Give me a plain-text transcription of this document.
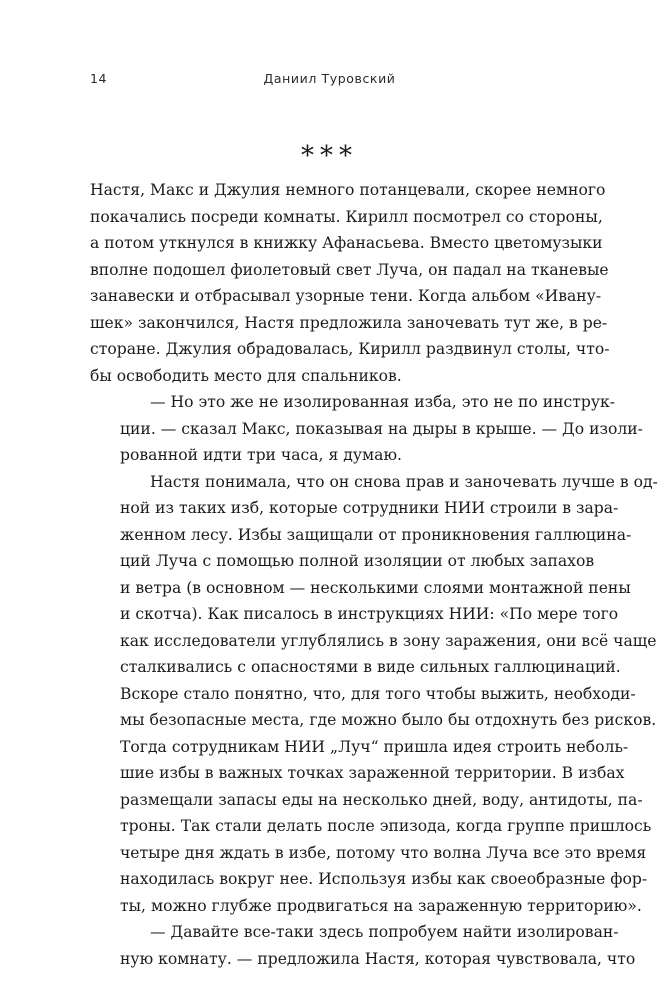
14	Даниил Туровский
***
Настя, Макс и Джулия немного потанцевали, скорее немного
покачались посреди комнаты. Кирилл посмотрел со стороны,
а потом уткнулся в книжку Афанасьева. Вместо цветомузыки
вполне подошел фиолетовый свет Луча, он падал на тканевые
занавески и отбрасывал узорные тени. Когда альбом «Ивану-
шек» закончился, Настя предложила заночевать тут же, в ре-
сторане. Джулия обрадовалась, Кирилл раздвинул столы, что-
бы освободить место для спальников.
— Но это же не изолированная изба, это не по инструк-
ции. — сказал Макс, показывая на дыры в крыше. — До изоли-
рованной идти три часа, я думаю.
Настя понимала, что он снова прав и заночевать лучше в од-
ной из таких изб, которые сотрудники НИИ строили в зара-
женном лесу. Избы защищали от проникновения галлюцина-
ций Луча с помощью полной изоляции от любых запахов
и ветра (в основном — несколькими слоями монтажной пены
и скотча). Как писалось в инструкциях НИИ: «По мере того
как исследователи углублялись в зону заражения, они всё чаще
сталкивались с опасностями в виде сильных галлюцинаций.
Вскоре стало понятно, что, для того чтобы выжить, необходи-
мы безопасные места, где можно было бы отдохнуть без рисков.
Тогда сотрудникам НИИ „Луч“ пришла идея строить неболь-
шие избы в важных точках зараженной территории. В избах
размещали запасы еды на несколько дней, воду, антидоты, па-
троны. Так стали делать после эпизода, когда группе пришлось
четыре дня ждать в избе, потому что волна Луча все это время
находилась вокруг нее. Используя избы как своеобразные фор-
ты, можно глубже продвигаться на зараженную территорию».
— Давайте все-таки здесь попробуем найти изолирован-
ную комнату. — предложила Настя, которая чувствовала, что
